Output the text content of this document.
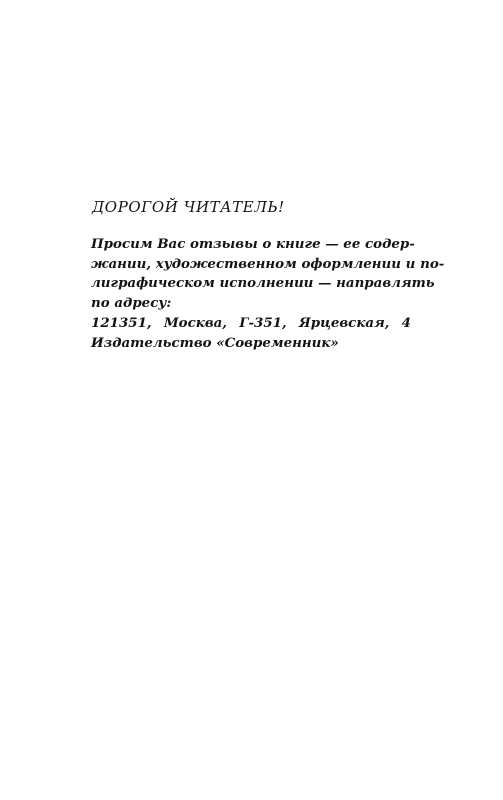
ДОРОГОЙ ЧИТАТЕЛЬ!
Просим Вас отзывы о книге — ее содер-
жании, художественном оформлении и по-
лиграфическом исполнении — направлять
по адресу:
121351, Москва, Г-351, Ярцевская, 4
Издательство «Современник»
